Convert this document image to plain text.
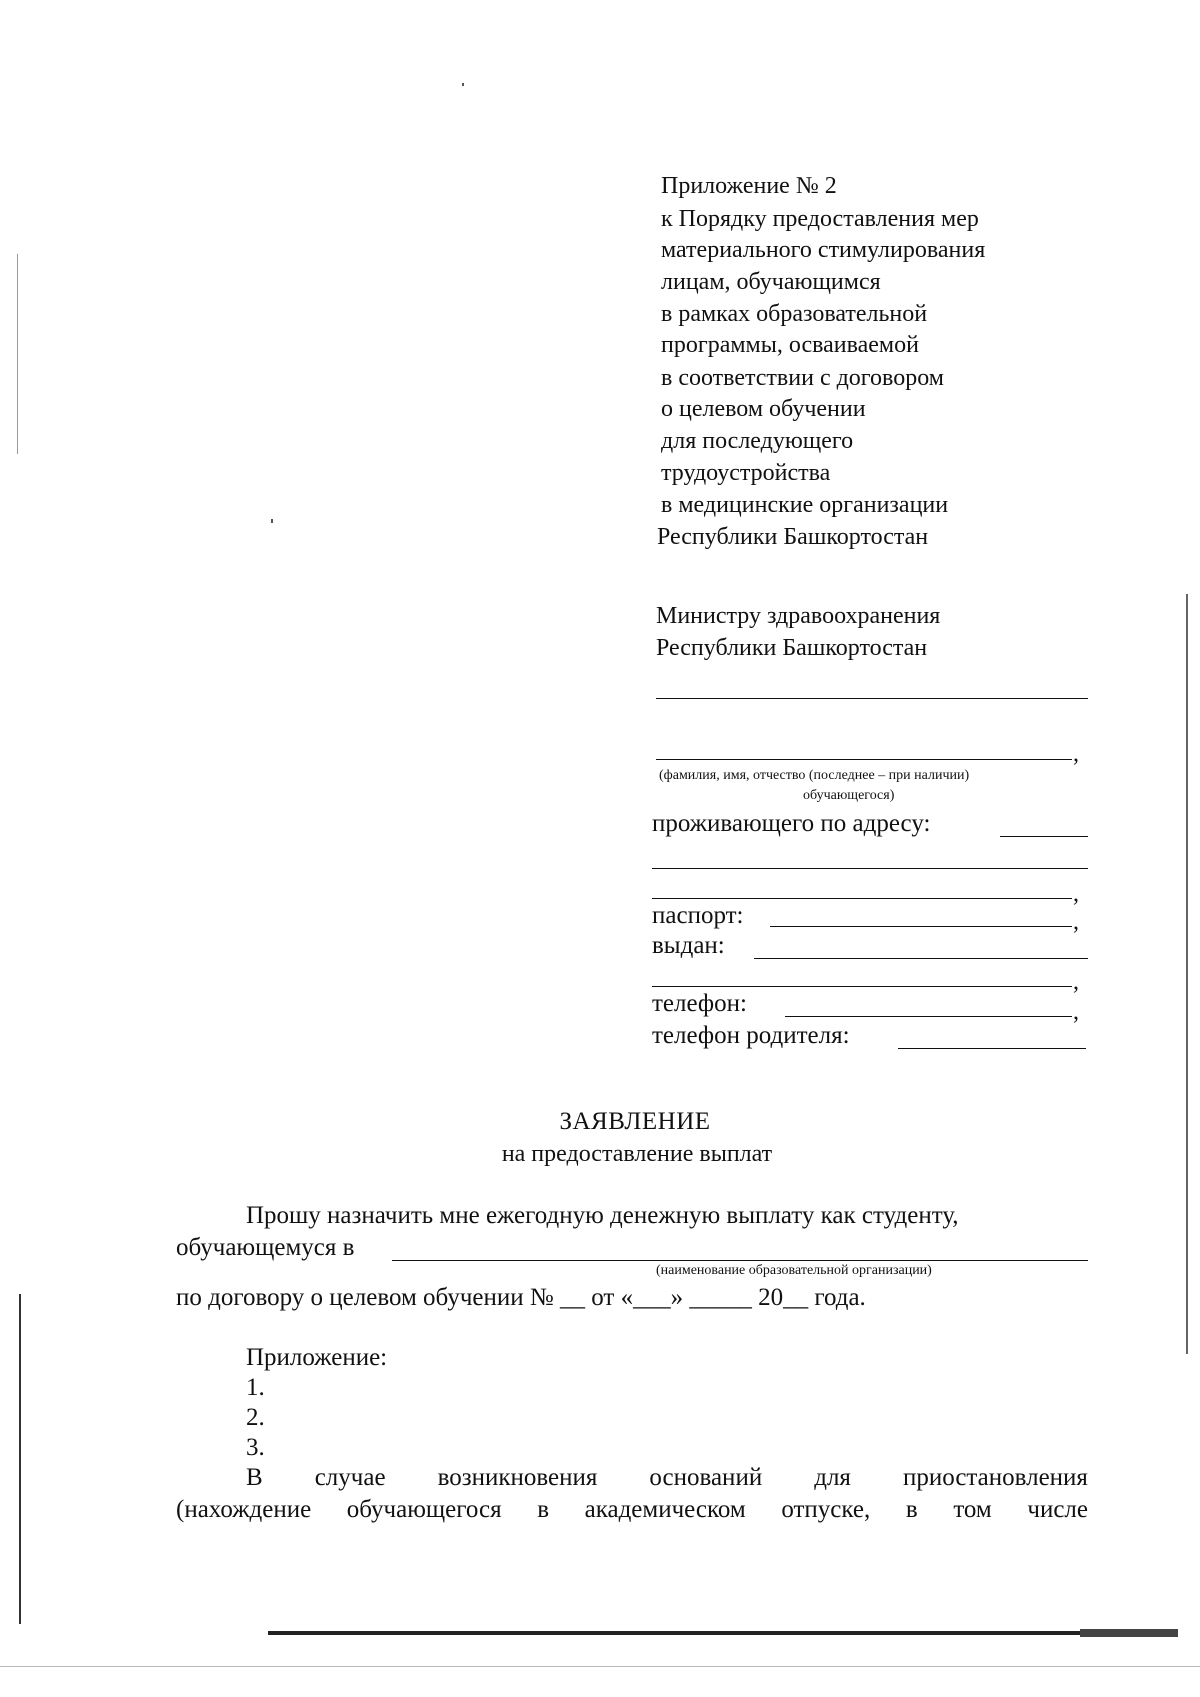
Приложение № 2
к Порядку предоставления мер
материального стимулирования
лицам, обучающимся
в рамках образовательной
программы, осваиваемой
в соответствии с договором
о целевом обучении
для последующего
трудоустройства
в медицинские организации
Республики Башкортостан
Министру здравоохранения
Республики Башкортостан
,
(фамилия, имя, отчество (последнее – при наличии)
обучающегося)
проживающего по адресу:
,
паспорт:	,
выдан:
,
телефон:	,
телефон родителя:
ЗАЯВЛЕНИЕ
на предоставление выплат
Прошу назначить мне ежегодную денежную выплату как студенту,
обучающемуся в
(наименование образовательной организации)
по договору о целевом обучении № __ от «___» _____ 20__ года.
Приложение:
1.
2.
3.
В случае возникновения оснований для приостановления
(нахождение обучающегося в академическом отпуске, в том числе
